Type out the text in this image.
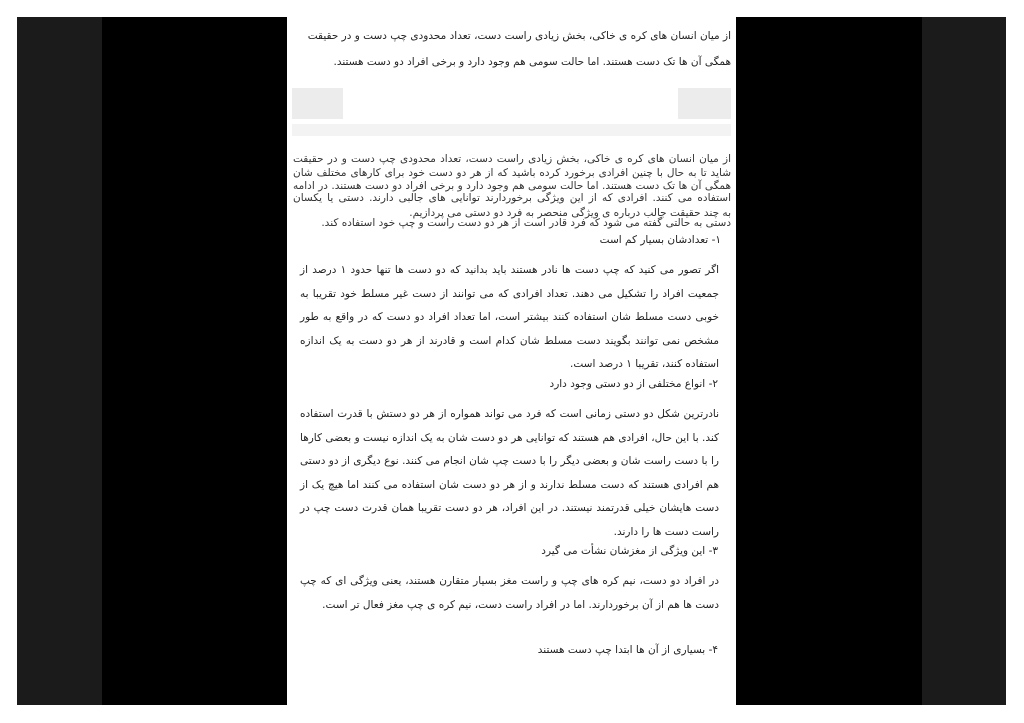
از میان انسان های کره ی خاکی، بخش زیادی راست دست، تعداد محدودی چپ دست و در حقیقت

همگی آن ها تک دست هستند. اما حالت سومی هم وجود دارد و برخی افراد دو دست هستند.

از میان انسان های کره ی خاکی، بخش زیادی راست دست، تعداد محدودی چپ دست و در حقیقت همگی آن ها تک دست هستند. اما حالت سومی هم وجود دارد و برخی افراد دو دست هستند. در ادامه به چند حقیقت جالب درباره ی ویژگی منحصر به فرد دو دستی می پردازیم.

شاید تا به حال با چنین افرادی برخورد کرده باشید که از هر دو دست خود برای کارهای مختلف شان استفاده می کنند. افرادی که از این ویژگی برخوردارند توانایی های جالبی دارند. دستی یا یکسان دستی به حالتی گفته می شود که فرد قادر است از هر دو دست راست و چپ خود استفاده کند.

۱- تعدادشان بسیار کم است

اگر تصور می کنید که چپ دست ها نادر هستند باید بدانید که دو دست ها تنها حدود ۱ درصد از جمعیت افراد را تشکیل می دهند. تعداد افرادی که می توانند از دست غیر مسلط خود تقریبا به خوبی دست مسلط شان استفاده کنند بیشتر است، اما تعداد افراد دو دست که در واقع به طور مشخص نمی توانند بگویند دست مسلط شان کدام است و قادرند از هر دو دست به یک اندازه استفاده کنند، تقریبا ۱ درصد است.

۲- انواع مختلفی از دو دستی وجود دارد

نادرترین شکل دو دستی زمانی است که فرد می تواند همواره از هر دو دستش با قدرت استفاده کند. با این حال، افرادی هم هستند که توانایی هر دو دست شان به یک اندازه نیست و بعضی کارها را با دست راست شان و بعضی دیگر را با دست چپ شان انجام می کنند. نوع دیگری از دو دستی هم افرادی هستند که دست مسلط ندارند و از هر دو دست شان استفاده می کنند اما هیچ یک از دست هایشان خیلی قدرتمند نیستند. در این افراد، هر دو دست تقریبا همان قدرت دست چپ در راست دست ها را دارند.

۳- این ویژگی از مغزشان نشأت می گیرد

در افراد دو دست، نیم کره های چپ و راست مغز بسیار متقارن هستند، یعنی ویژگی ای که چپ دست ها هم از آن برخوردارند. اما در افراد راست دست، نیم کره ی چپ مغز فعال تر است.

۴- بسیاری از آن ها ابتدا چپ دست هستند
